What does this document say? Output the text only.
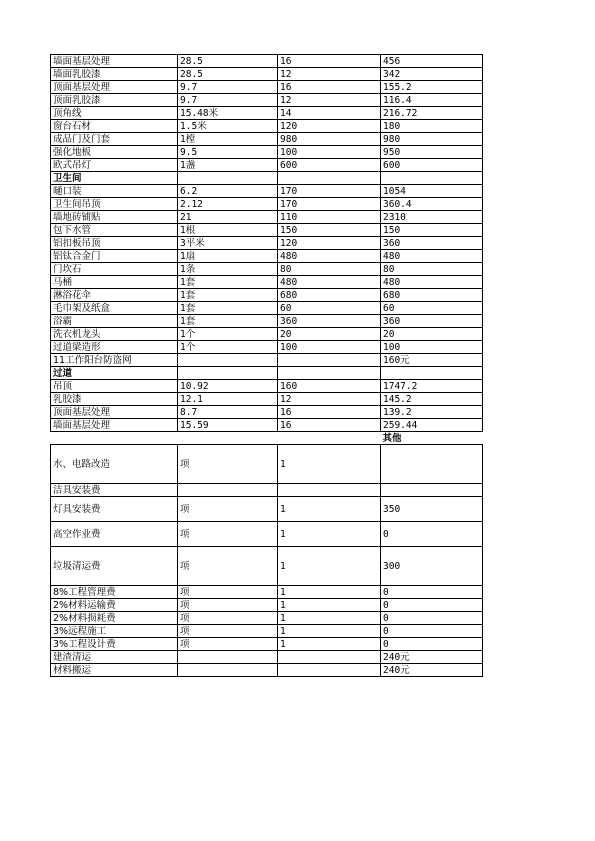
墙面基层处理	28.5	16	456
墙面乳胶漆	28.5	12	342
顶面基层处理	9.7	16	155.2
顶面乳胶漆	9.7	12	116.4
顶角线	15.48米	14	216.72
窗台石材	1.5米	120	180
成品门及门套	1樘	980	980
强化地板	9.5	100	950
欧式吊灯	1盏	600	600
卫生间			
嗵口装	6.2	170	1054
卫生间吊顶	2.12	170	360.4
墙地砖铺贴	21	110	2310
包下水管	1根	150	150
铝扣板吊顶	3平米	120	360
铝钛合金门	1扇	480	480
门坎石	1条	80	80
马桶	1套	480	480
淋浴花伞	1套	680	680
毛巾架及纸盒	1套	60	60
浴霸	1套	360	360
洗衣机龙头	1个	20	20
过道梁造形	1个	100	100
11工作阳台防盗网			160元
过道			
吊顶	10.92	160	1747.2
乳胶漆	12.1	12	145.2
顶面基层处理	8.7	16	139.2
墙面基层处理	15.59	16	259.44
			其他
水、电路改造	项	1	
洁具安装费			
灯具安装费	项	1	350
高空作业费	项	1	0
垃圾清运费	项	1	300
8%工程管理费	项	1	0
2%材料运输费	项	1	0
2%材料损耗费	项	1	0
3%远程施工	项	1	0
3%工程设计费	项	1	0
建渣清运			240元
材料搬运			240元
